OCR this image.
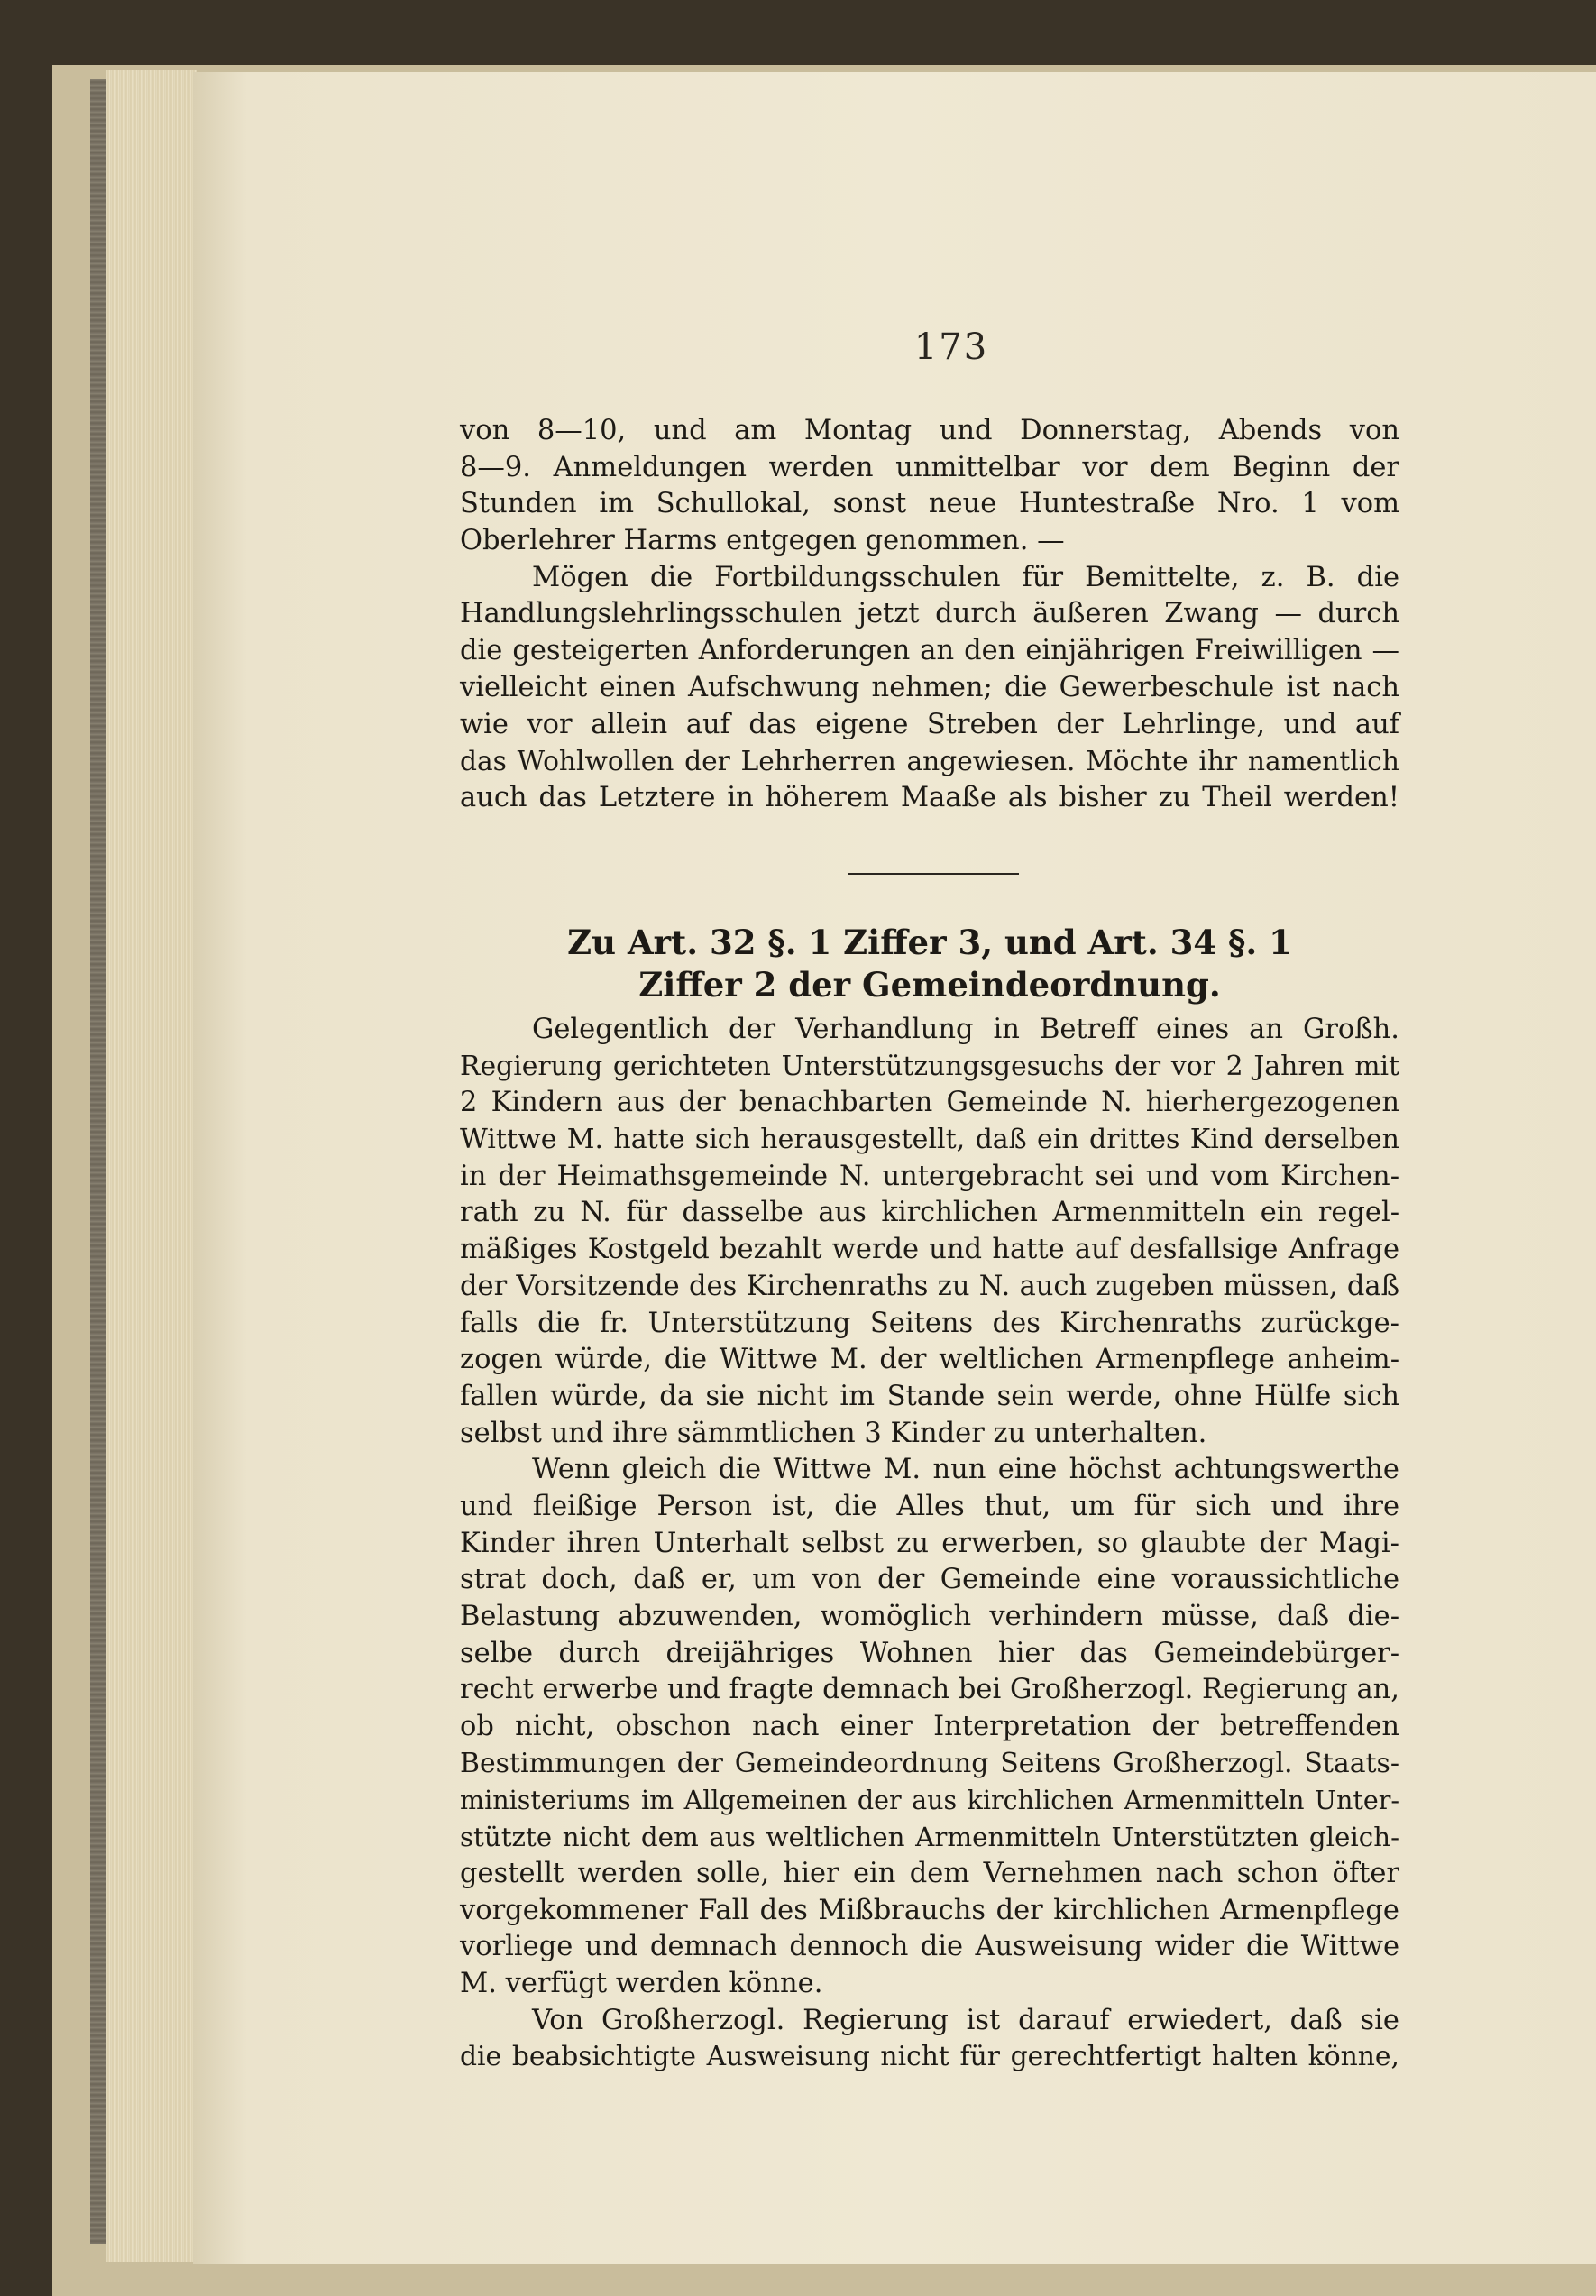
173
von 8—10, und am Montag und Donnerstag, Abends von
8—9. Anmeldungen werden unmittelbar vor dem Beginn der
Stunden im Schullokal, sonst neue Huntestraße Nro. 1 vom
Oberlehrer Harms entgegen genommen. —
Mögen die Fortbildungsschulen für Bemittelte, z. B. die
Handlungslehrlingsschulen jetzt durch äußeren Zwang — durch
die gesteigerten Anforderungen an den einjährigen Freiwilligen —
vielleicht einen Aufschwung nehmen; die Gewerbeschule ist nach
wie vor allein auf das eigene Streben der Lehrlinge, und auf
das Wohlwollen der Lehrherren angewiesen. Möchte ihr namentlich
auch das Letztere in höherem Maaße als bisher zu Theil werden!
Zu Art. 32 §. 1 Ziffer 3, und Art. 34 §. 1
Ziffer 2 der Gemeindeordnung.
Gelegentlich der Verhandlung in Betreff eines an Großh.
Regierung gerichteten Unterstützungsgesuchs der vor 2 Jahren mit
2 Kindern aus der benachbarten Gemeinde N. hierhergezogenen
Wittwe M. hatte sich herausgestellt, daß ein drittes Kind derselben
in der Heimathsgemeinde N. untergebracht sei und vom Kirchen-
rath zu N. für dasselbe aus kirchlichen Armenmitteln ein regel-
mäßiges Kostgeld bezahlt werde und hatte auf desfallsige Anfrage
der Vorsitzende des Kirchenraths zu N. auch zugeben müssen, daß
falls die fr. Unterstützung Seitens des Kirchenraths zurückge-
zogen würde, die Wittwe M. der weltlichen Armenpflege anheim-
fallen würde, da sie nicht im Stande sein werde, ohne Hülfe sich
selbst und ihre sämmtlichen 3 Kinder zu unterhalten.
Wenn gleich die Wittwe M. nun eine höchst achtungswerthe
und fleißige Person ist, die Alles thut, um für sich und ihre
Kinder ihren Unterhalt selbst zu erwerben, so glaubte der Magi-
strat doch, daß er, um von der Gemeinde eine voraussichtliche
Belastung abzuwenden, womöglich verhindern müsse, daß die-
selbe durch dreijähriges Wohnen hier das Gemeindebürger-
recht erwerbe und fragte demnach bei Großherzogl. Regierung an,
ob nicht, obschon nach einer Interpretation der betreffenden
Bestimmungen der Gemeindeordnung Seitens Großherzogl. Staats-
ministeriums im Allgemeinen der aus kirchlichen Armenmitteln Unter-
stützte nicht dem aus weltlichen Armenmitteln Unterstützten gleich-
gestellt werden solle, hier ein dem Vernehmen nach schon öfter
vorgekommener Fall des Mißbrauchs der kirchlichen Armenpflege
vorliege und demnach dennoch die Ausweisung wider die Wittwe
M. verfügt werden könne.
Von Großherzogl. Regierung ist darauf erwiedert, daß sie
die beabsichtigte Ausweisung nicht für gerechtfertigt halten könne,
